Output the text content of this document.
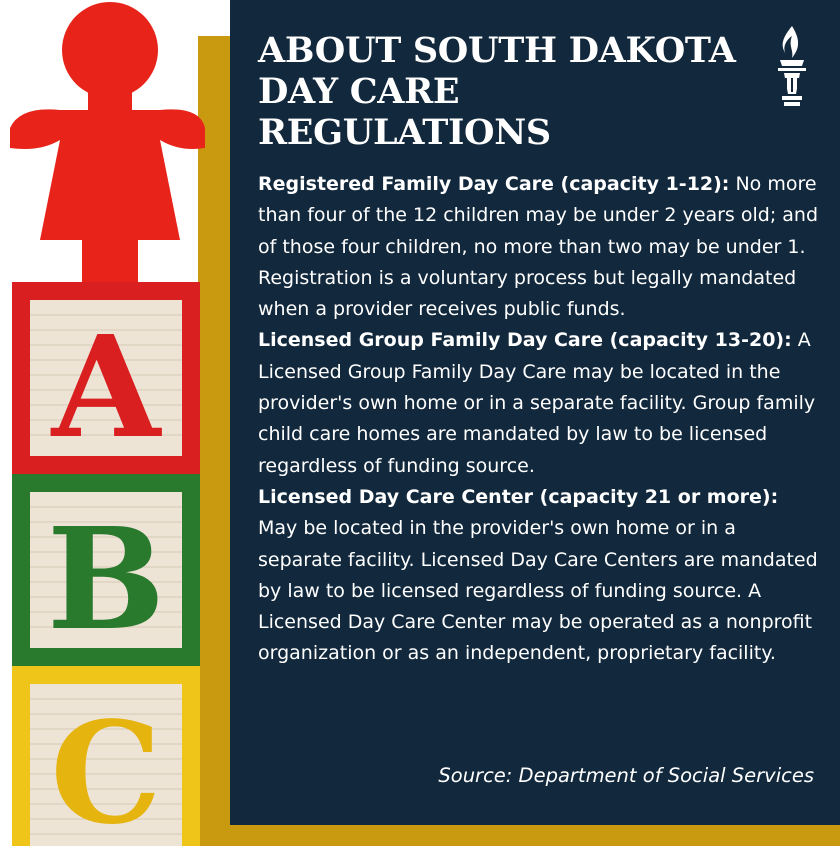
A
B
C
ABOUT SOUTH DAKOTA DAY CARE REGULATIONS

Registered Family Day Care (capacity 1-12): No more than four of the 12 children may be under 2 years old; and of those four children, no more than two may be under 1. Registration is a voluntary process but legally mandated when a provider receives public funds.

Licensed Group Family Day Care (capacity 13-20): A Licensed Group Family Day Care may be located in the provider's own home or in a separate facility. Group family child care homes are mandated by law to be licensed regardless of funding source.

Licensed Day Care Center (capacity 21 or more): May be located in the provider's own home or in a separate facility. Licensed Day Care Centers are mandated by law to be licensed regardless of funding source. A Licensed Day Care Center may be operated as a nonprofit organization or as an independent, proprietary facility.

Source: Department of Social Services
